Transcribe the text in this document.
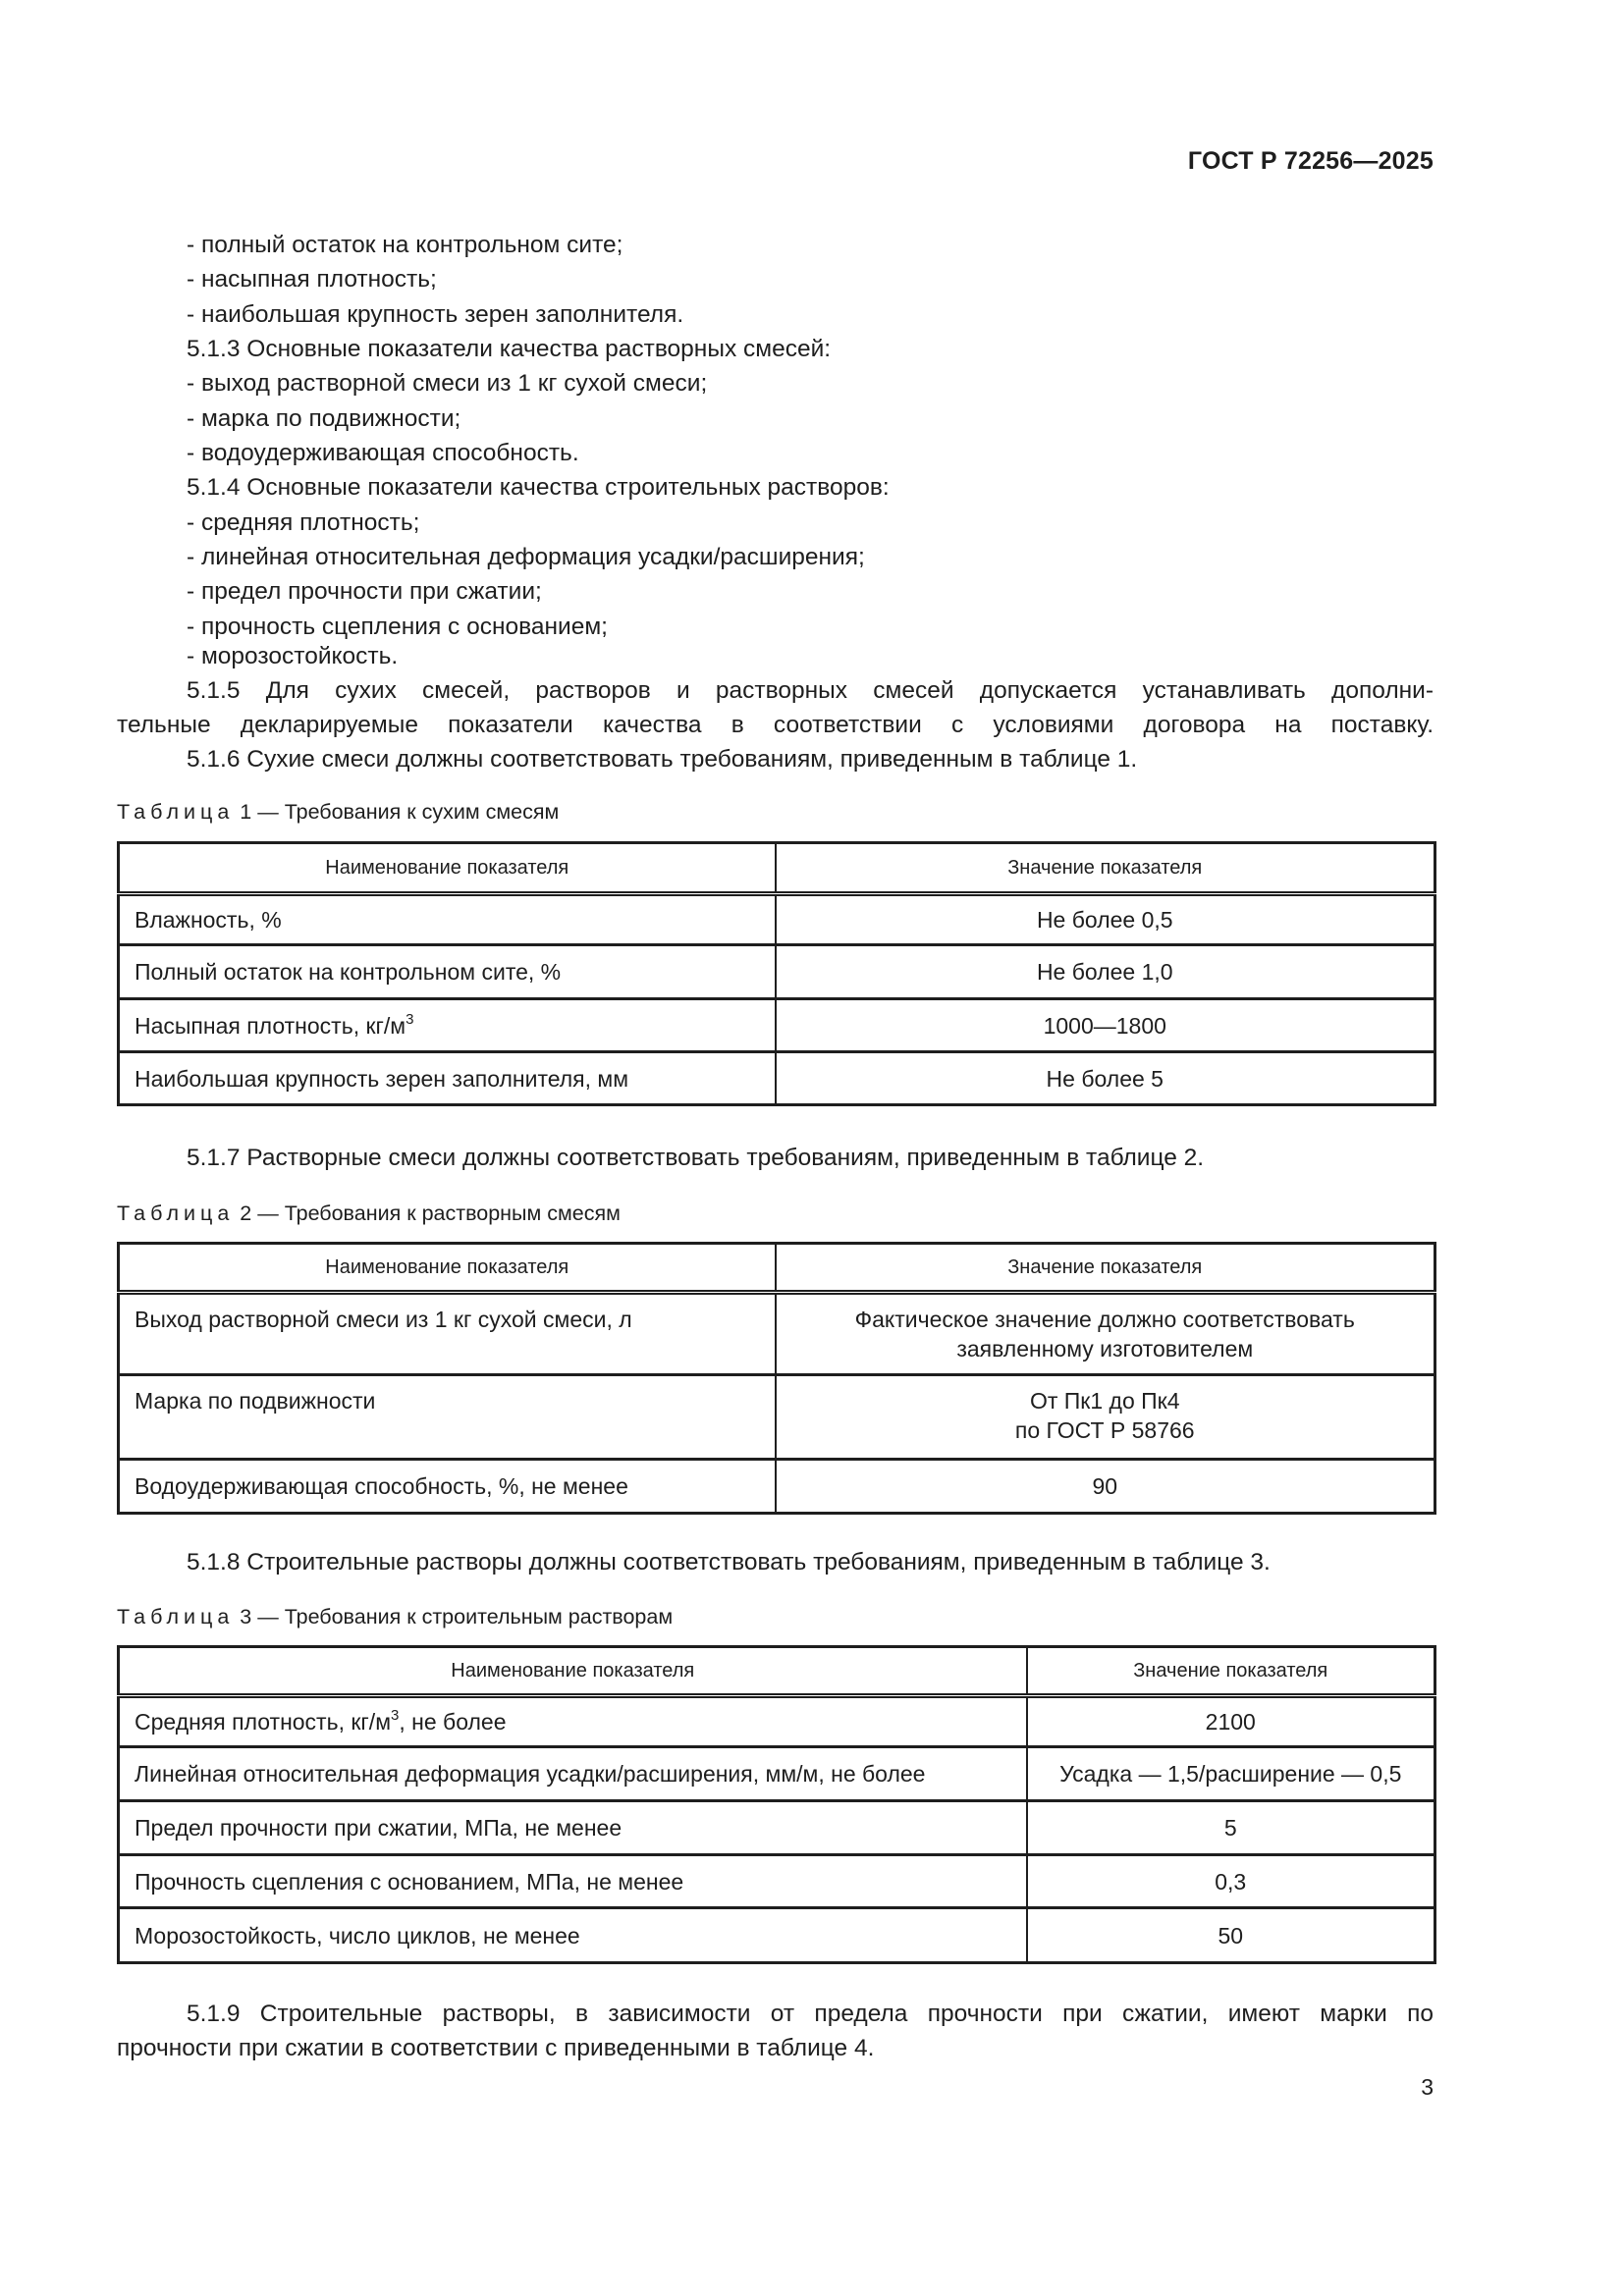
ГОСТ Р 72256—2025
- полный остаток на контрольном сите;
- насыпная плотность;
- наибольшая крупность зерен заполнителя.
5.1.3 Основные показатели качества растворных смесей:
- выход растворной смеси из 1 кг сухой смеси;
- марка по подвижности;
- водоудерживающая способность.
5.1.4 Основные показатели качества строительных растворов:
- средняя плотность;
- линейная относительная деформация усадки/расширения;
- предел прочности при сжатии;
- прочность сцепления с основанием;
- морозостойкость.
5.1.5 Для сухих смесей, растворов и растворных смесей допускается устанавливать дополни-
тельные декларируемые показатели качества в соответствии с условиями договора на поставку.
5.1.6 Сухие смеси должны соответствовать требованиям, приведенным в таблице 1.
Таблица 1 — Требования к сухим смесям
Наименование показателя	Значение показателя
Влажность, %	Не более 0,5
Полный остаток на контрольном сите, %	Не более 1,0
Насыпная плотность, $кг/м^3$	1000—1800
Наибольшая крупность зерен заполнителя, мм	Не более 5
5.1.7 Растворные смеси должны соответствовать требованиям, приведенным в таблице 2.
Таблица 2 — Требования к растворным смесям
Наименование показателя	Значение показателя
Выход растворной смеси из 1 кг сухой смеси, л	Фактическое значение должно соответствовать
заявленному изготовителем

Марка по подвижности	От Пк1 до Пк4
по ГОСТ Р 58766

Водоудерживающая способность, %, не менее	90
5.1.8 Строительные растворы должны соответствовать требованиям, приведенным в таблице 3.
Таблица 3 — Требования к строительным растворам
Наименование показателя	Значение показателя
Средняя плотность, $кг/м^3$, не более	2100
Линейная относительная деформация усадки/расширения, мм/м, не более	Усадка — 1,5/расширение — 0,5
Предел прочности при сжатии, МПа, не менее	5
Прочность сцепления с основанием, МПа, не менее	0,3
Морозостойкость, число циклов, не менее	50
5.1.9 Строительные растворы, в зависимости от предела прочности при сжатии, имеют марки по
прочности при сжатии в соответствии с приведенными в таблице 4.
3
